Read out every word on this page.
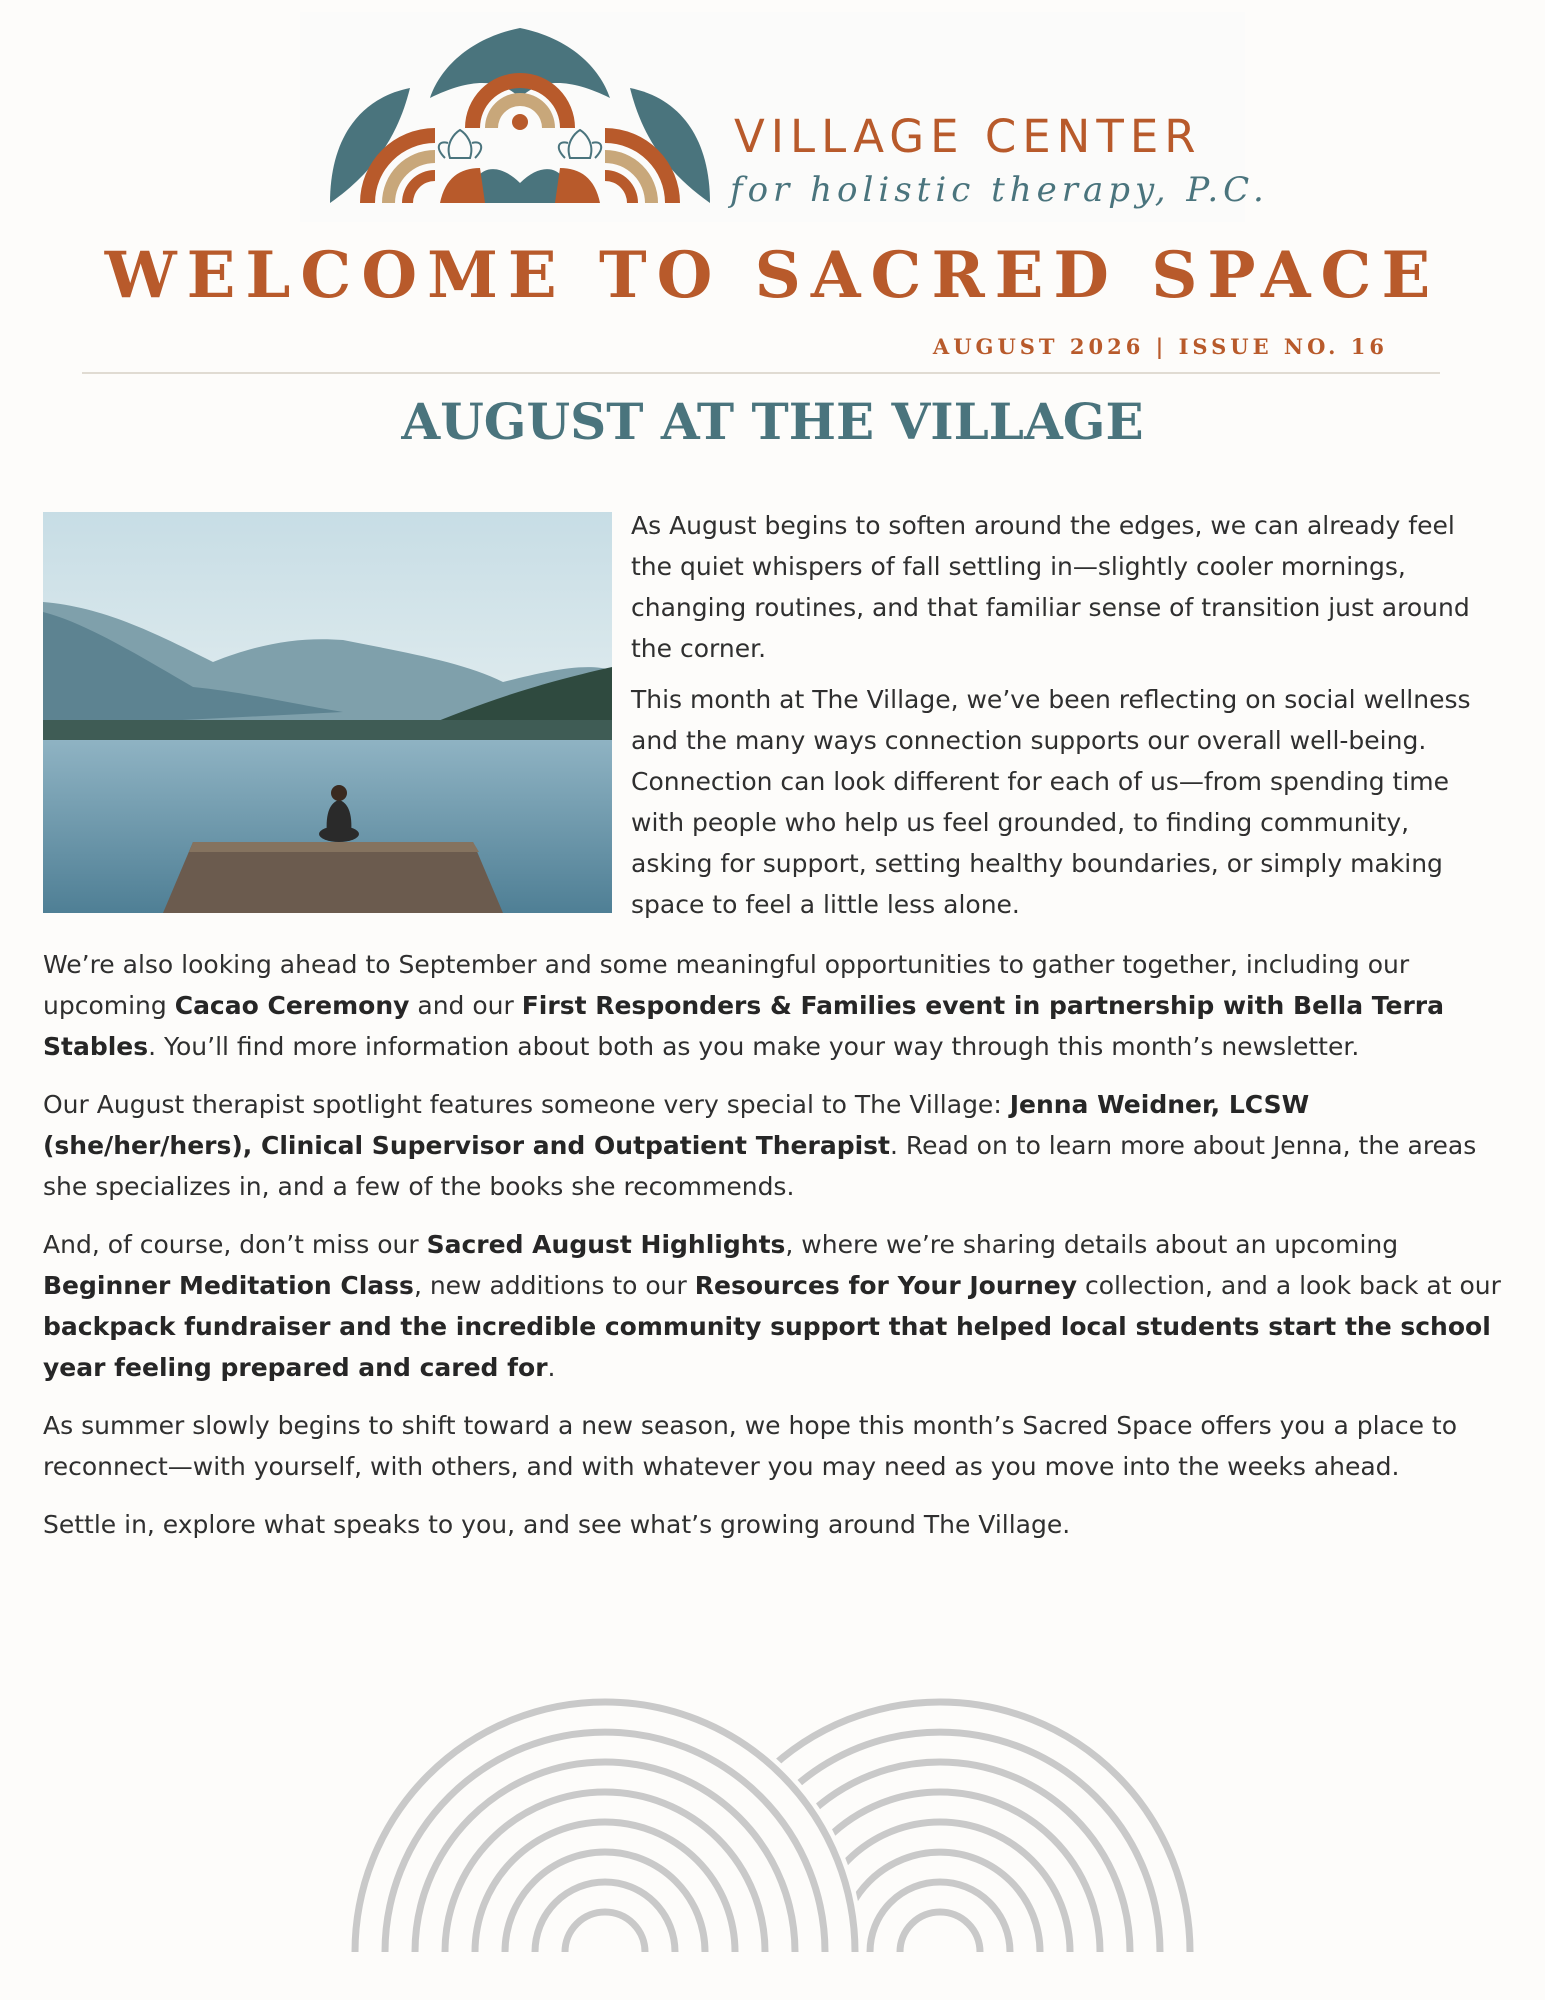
VILLAGE CENTER
for holistic therapy, P.C.
WELCOME TO SACRED SPACE
AUGUST 2026 | ISSUE NO. 16
AUGUST AT THE VILLAGE

As August begins to soften around the edges, we can already feel the quiet whispers of fall settling in—slightly cooler mornings, changing routines, and that familiar sense of transition just around the corner.

This month at The Village, we’ve been reflecting on social wellness and the many ways connection supports our overall well-being. Connection can look different for each of us—from spending time with people who help us feel grounded, to finding community, asking for support, setting healthy boundaries, or simply making space to feel a little less alone.

We’re also looking ahead to September and some meaningful opportunities to gather together, including our upcoming Cacao Ceremony and our First Responders & Families event in partnership with Bella Terra Stables. You’ll find more information about both as you make your way through this month’s newsletter.

Our August therapist spotlight features someone very special to The Village: Jenna Weidner, LCSW (she/her/hers), Clinical Supervisor and Outpatient Therapist. Read on to learn more about Jenna, the areas she specializes in, and a few of the books she recommends.

And, of course, don’t miss our Sacred August Highlights, where we’re sharing details about an upcoming Beginner Meditation Class, new additions to our Resources for Your Journey collection, and a look back at our backpack fundraiser and the incredible community support that helped local students start the school year feeling prepared and cared for.

As summer slowly begins to shift toward a new season, we hope this month’s Sacred Space offers you a place to reconnect—with yourself, with others, and with whatever you may need as you move into the weeks ahead.

Settle in, explore what speaks to you, and see what’s growing around The Village.
